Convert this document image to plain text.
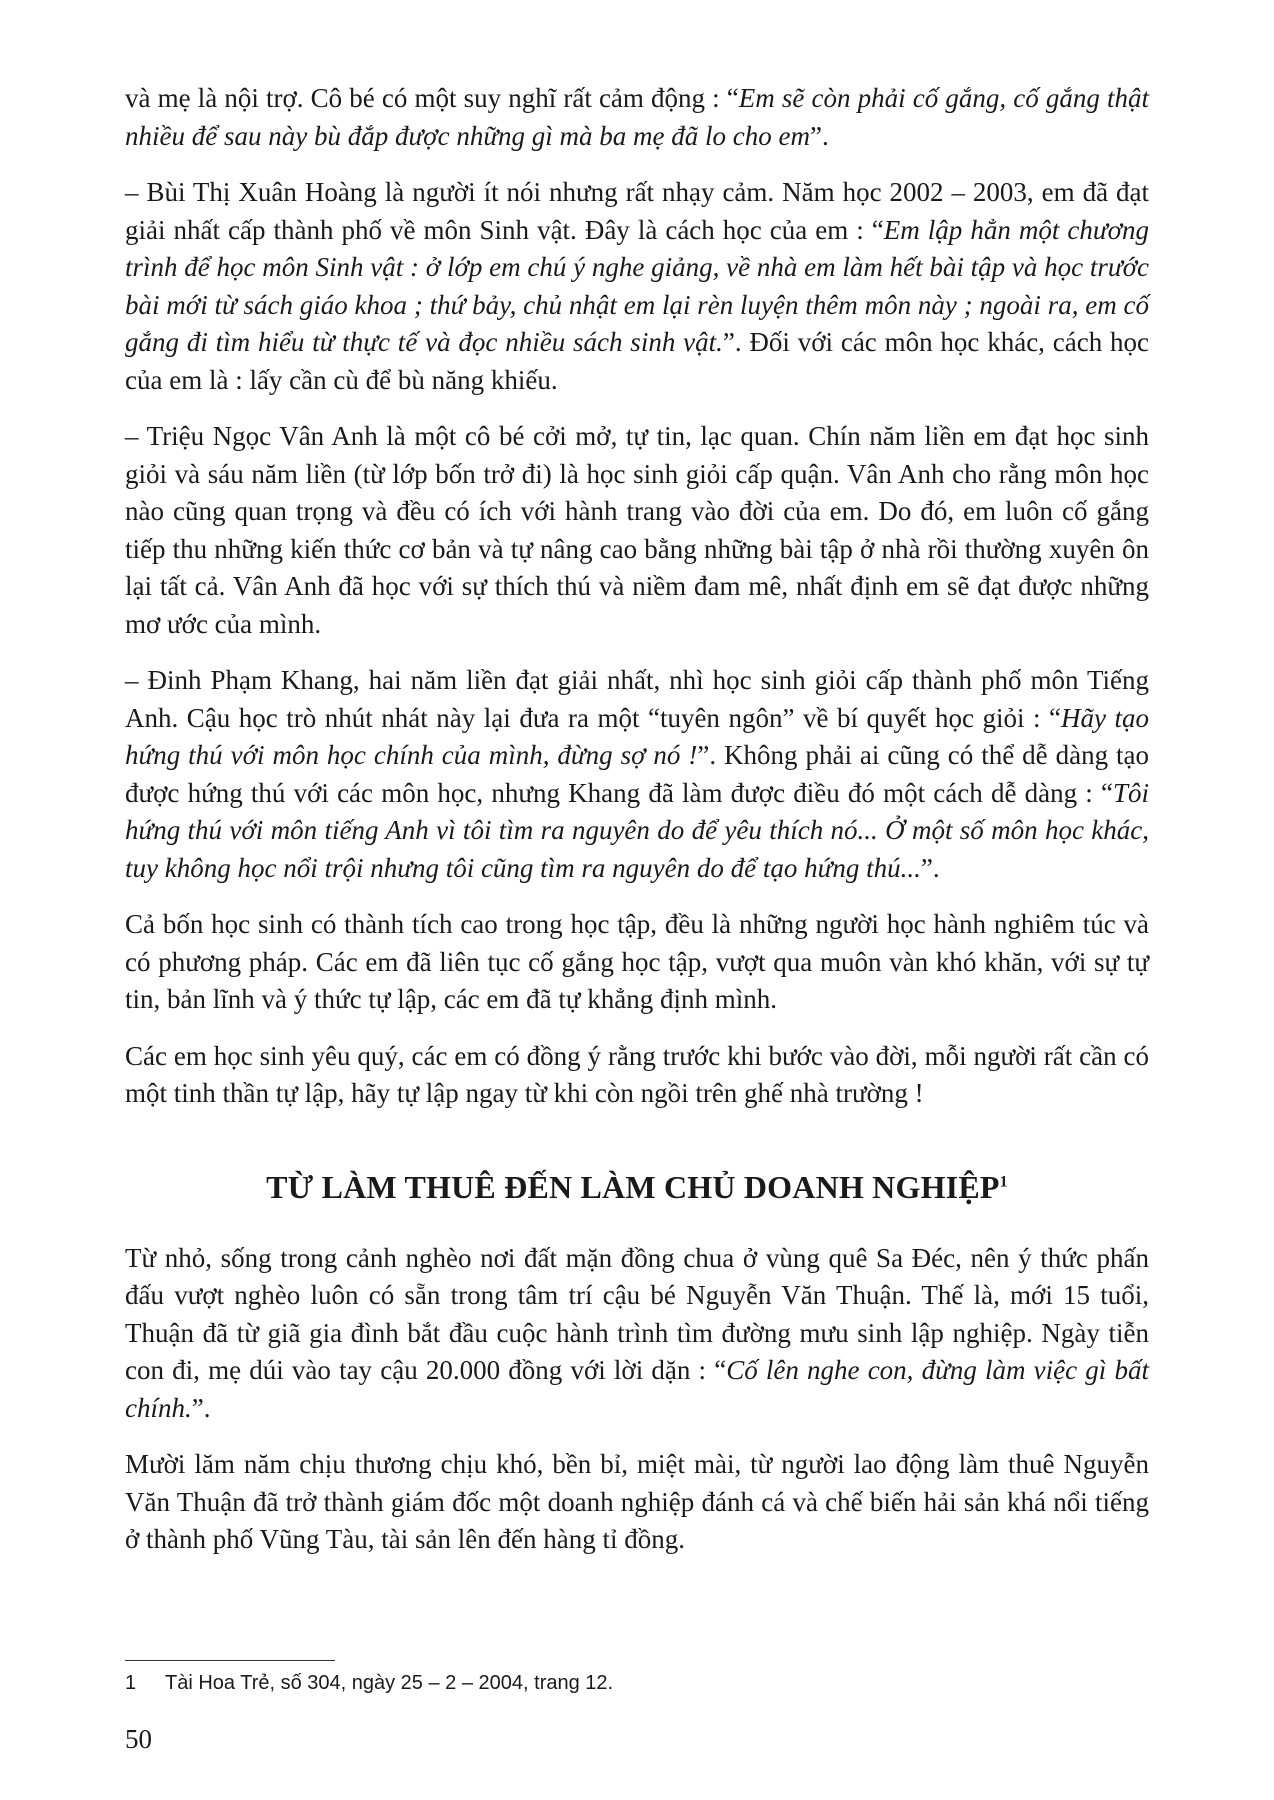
và mẹ là nội trợ. Cô bé có một suy nghĩ rất cảm động : “Em sẽ còn phải cố gắng, cố gắng thật nhiều để sau này bù đắp được những gì mà ba mẹ đã lo cho em”.

– Bùi Thị Xuân Hoàng là người ít nói nhưng rất nhạy cảm. Năm học 2002 – 2003, em đã đạt giải nhất cấp thành phố về môn Sinh vật. Đây là cách học của em : “Em lập hẳn một chương trình để học môn Sinh vật : ở lớp em chú ý nghe giảng, về nhà em làm hết bài tập và học trước bài mới từ sách giáo khoa ; thứ bảy, chủ nhật em lại rèn luyện thêm môn này ; ngoài ra, em cố gắng đi tìm hiểu từ thực tế và đọc nhiều sách sinh vật.”. Đối với các môn học khác, cách học của em là : lấy cần cù để bù năng khiếu.

– Triệu Ngọc Vân Anh là một cô bé cởi mở, tự tin, lạc quan. Chín năm liền em đạt học sinh giỏi và sáu năm liền (từ lớp bốn trở đi) là học sinh giỏi cấp quận. Vân Anh cho rằng môn học nào cũng quan trọng và đều có ích với hành trang vào đời của em. Do đó, em luôn cố gắng tiếp thu những kiến thức cơ bản và tự nâng cao bằng những bài tập ở nhà rồi thường xuyên ôn lại tất cả. Vân Anh đã học với sự thích thú và niềm đam mê, nhất định em sẽ đạt được những mơ ước của mình.

– Đinh Phạm Khang, hai năm liền đạt giải nhất, nhì học sinh giỏi cấp thành phố môn Tiếng Anh. Cậu học trò nhút nhát này lại đưa ra một “tuyên ngôn” về bí quyết học giỏi : “Hãy tạo hứng thú với môn học chính của mình, đừng sợ nó !”. Không phải ai cũng có thể dễ dàng tạo được hứng thú với các môn học, nhưng Khang đã làm được điều đó một cách dễ dàng : “Tôi hứng thú với môn tiếng Anh vì tôi tìm ra nguyên do để yêu thích nó... Ở một số môn học khác, tuy không học nổi trội nhưng tôi cũng tìm ra nguyên do để tạo hứng thú...”.

Cả bốn học sinh có thành tích cao trong học tập, đều là những người học hành nghiêm túc và có phương pháp. Các em đã liên tục cố gắng học tập, vượt qua muôn vàn khó khăn, với sự tự tin, bản lĩnh và ý thức tự lập, các em đã tự khẳng định mình.

Các em học sinh yêu quý, các em có đồng ý rằng trước khi bước vào đời, mỗi người rất cần có một tinh thần tự lập, hãy tự lập ngay từ khi còn ngồi trên ghế nhà trường !

TỪ LÀM THUÊ ĐẾN LÀM CHỦ DOANH NGHIỆP$^1$

Từ nhỏ, sống trong cảnh nghèo nơi đất mặn đồng chua ở vùng quê Sa Đéc, nên ý thức phấn đấu vượt nghèo luôn có sẵn trong tâm trí cậu bé Nguyễn Văn Thuận. Thế là, mới 15 tuổi, Thuận đã từ giã gia đình bắt đầu cuộc hành trình tìm đường mưu sinh lập nghiệp. Ngày tiễn con đi, mẹ dúi vào tay cậu 20.000 đồng với lời dặn : “Cố lên nghe con, đừng làm việc gì bất chính.”.

Mười lăm năm chịu thương chịu khó, bền bỉ, miệt mài, từ người lao động làm thuê Nguyễn Văn Thuận đã trở thành giám đốc một doanh nghiệp đánh cá và chế biến hải sản khá nổi tiếng ở thành phố Vũng Tàu, tài sản lên đến hàng tỉ đồng.

1 Tài Hoa Trẻ, số 304, ngày 25 – 2 – 2004, trang 12.
50
